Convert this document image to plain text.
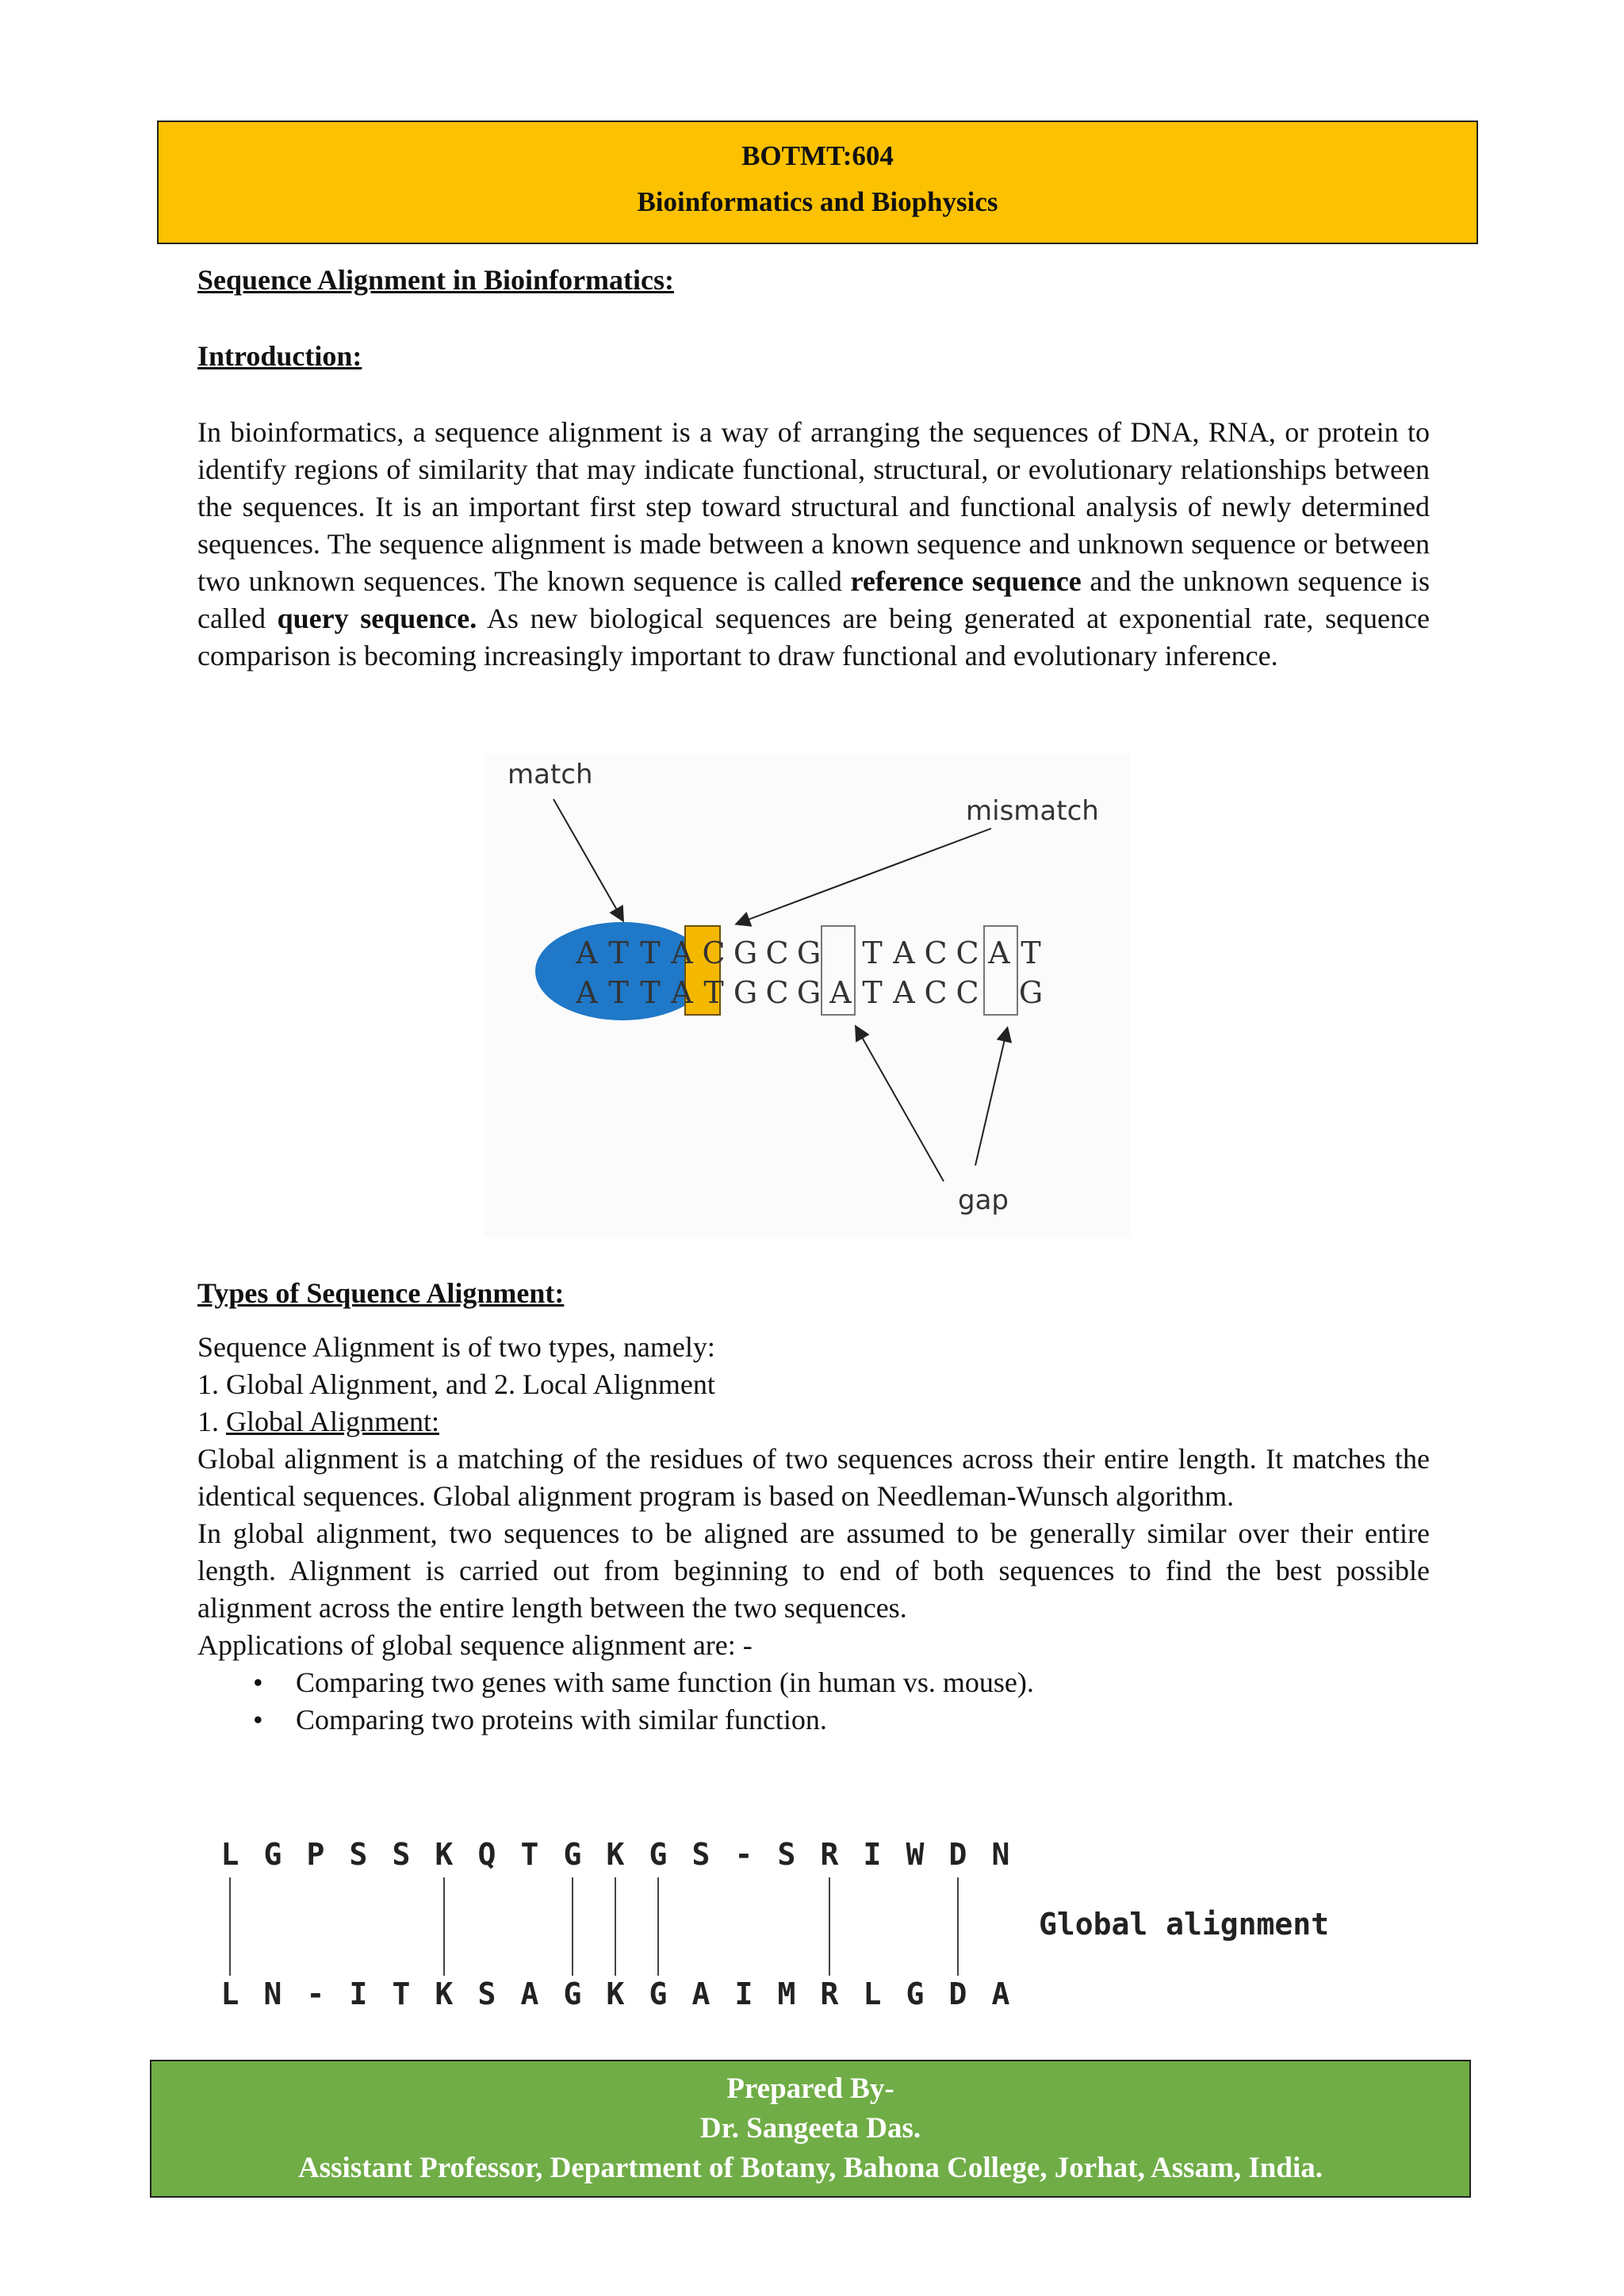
BOTMT:604
Bioinformatics and Biophysics
Sequence Alignment in Bioinformatics:
Introduction:
In bioinformatics, a sequence alignment is a way of arranging the sequences of DNA, RNA, or protein to identify regions of similarity that may indicate functional, structural, or evolutionary relationships between the sequences. It is an important first step toward structural and functional analysis of newly determined sequences. The sequence alignment is made between a known sequence and unknown sequence or between two unknown sequences. The known sequence is called reference sequence and the unknown sequence is called query sequence. As new biological sequences are being generated at exponential rate, sequence comparison is becoming increasingly important to draw functional and evolutionary inference.
match
mismatch
gap
A T T A C G C G T A C C A T
A T T A T G C G A T A C C G
Types of Sequence Alignment:
Sequence Alignment is of two types, namely:
1. Global Alignment, and 2. Local Alignment
1. Global Alignment:
Global alignment is a matching of the residues of two sequences across their entire length. It matches the identical sequences. Global alignment program is based on Needleman-Wunsch algorithm.
In global alignment, two sequences to be aligned are assumed to be generally similar over their entire length. Alignment is carried out from beginning to end of both sequences to find the best possible alignment across the entire length between the two sequences.
Applications of global sequence alignment are: -
• Comparing two genes with same function (in human vs. mouse).
• Comparing two proteins with similar function.
L G P S S K Q T G K G S - S R I W D N
L N - I T K S A G K G A I M R L G D A
Global alignment
Prepared By-
Dr. Sangeeta Das.
Assistant Professor, Department of Botany, Bahona College, Jorhat, Assam, India.
